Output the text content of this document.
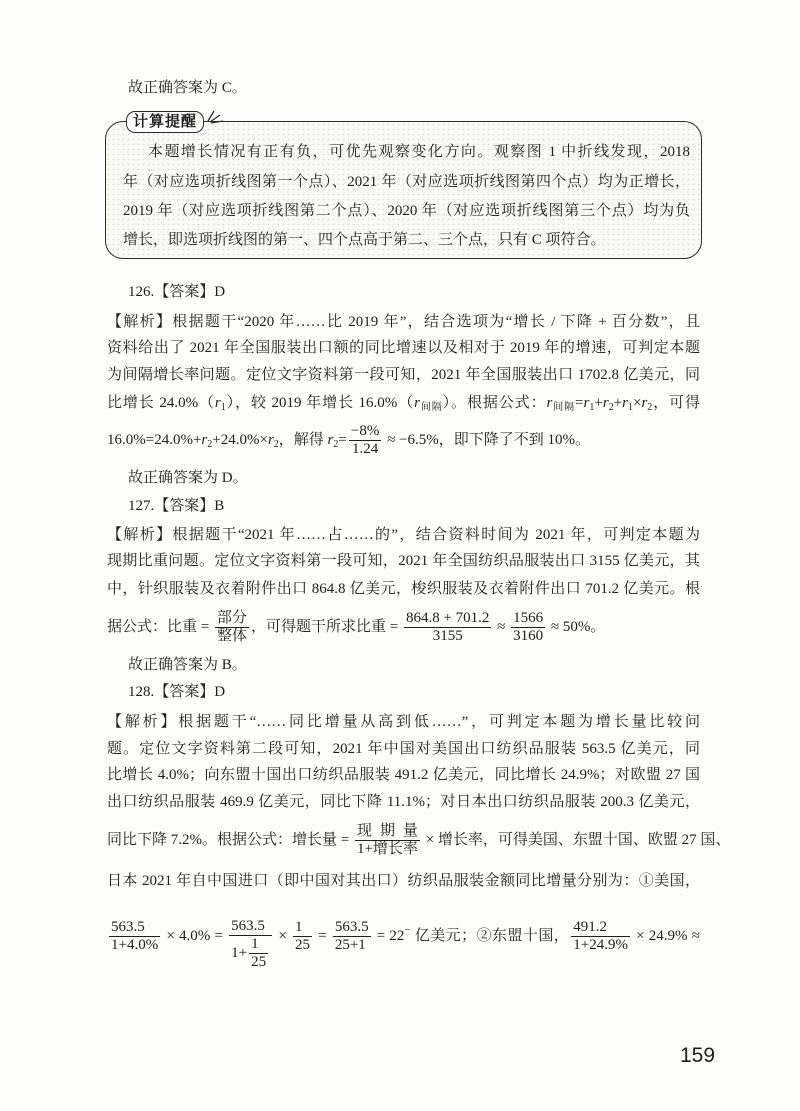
故正确答案为 C。
计算提醒
本题增长情况有正有负，可优先观察变化方向。观察图 1 中折线发现，2018
年（对应选项折线图第一个点）、2021 年（对应选项折线图第四个点）均为正增长，
2019 年（对应选项折线图第二个点）、2020 年（对应选项折线图第三个点）均为负
增长，即选项折线图的第一、四个点高于第二、三个点，只有 C 项符合。
126.【答案】D
【解析】根据题干“2020 年……比 2019 年”，结合选项为“增长 / 下降 + 百分数”，且
资料给出了 2021 年全国服装出口额的同比增速以及相对于 2019 年的增速，可判定本题
为间隔增长率问题。定位文字资料第一段可知，2021 年全国服装出口 1702.8 亿美元，同
比增长 $24.0\%(r_1)$，较 2019 年增长 $16.0\%(r_{间隔})$。根据公式：$r_{间隔}=r_1+r_2+r_1\times r_2$，可得
$16.0\%=24.0\%+r_2+24.0\%\times r_2$，解得 $r_2= \frac{-8\%}{1.24} \approx -6.5\%$，即下降了不到 10%。
故正确答案为 D。
127.【答案】B
【解析】根据题干“2021 年……占……的”，结合资料时间为 2021 年，可判定本题为
现期比重问题。定位文字资料第一段可知，2021 年全国纺织品服装出口 3155 亿美元，其
中，针织服装及衣着附件出口 864.8 亿美元，梭织服装及衣着附件出口 701.2 亿美元。根
据公式：比重 = $\frac{\text{部分}}{\text{整体}}$ ，可得题干所求比重 = $\frac{864.8 + 701.2}{3155} \approx \frac{1566}{3160} \approx 50\%$。
故正确答案为 B。
128.【答案】D
【解析】根据题干“……同比增量从高到低……”，可判定本题为增长量比较问
题。定位文字资料第二段可知，2021 年中国对美国出口纺织品服装 563.5 亿美元，同
比增长 4.0%；向东盟十国出口纺织品服装 491.2 亿美元，同比增长 24.9%；对欧盟 27 国
出口纺织品服装 469.9 亿美元，同比下降 11.1%；对日本出口纺织品服装 200.3 亿美元，
同比下降 7.2%。根据公式：增长量 = $\frac{\text{现期量}}{\text{1+增长率}}$ × 增长率，可得美国、东盟十国、欧盟 27 国、
日本 2021 年自中国进口（即中国对其出口）纺织品服装金额同比增量分别为：①美国，
$\frac{563.5}{1+4.0\%} \times 4.0\% = \frac{563.5}{1+ \frac{1}{25}} \times \frac{1}{25} = \frac{563.5}{25+1} = 22^-$ 亿美元；②东盟十国， $\frac{491.2}{1+24.9\%} \times 24.9\%$ ≈
159
